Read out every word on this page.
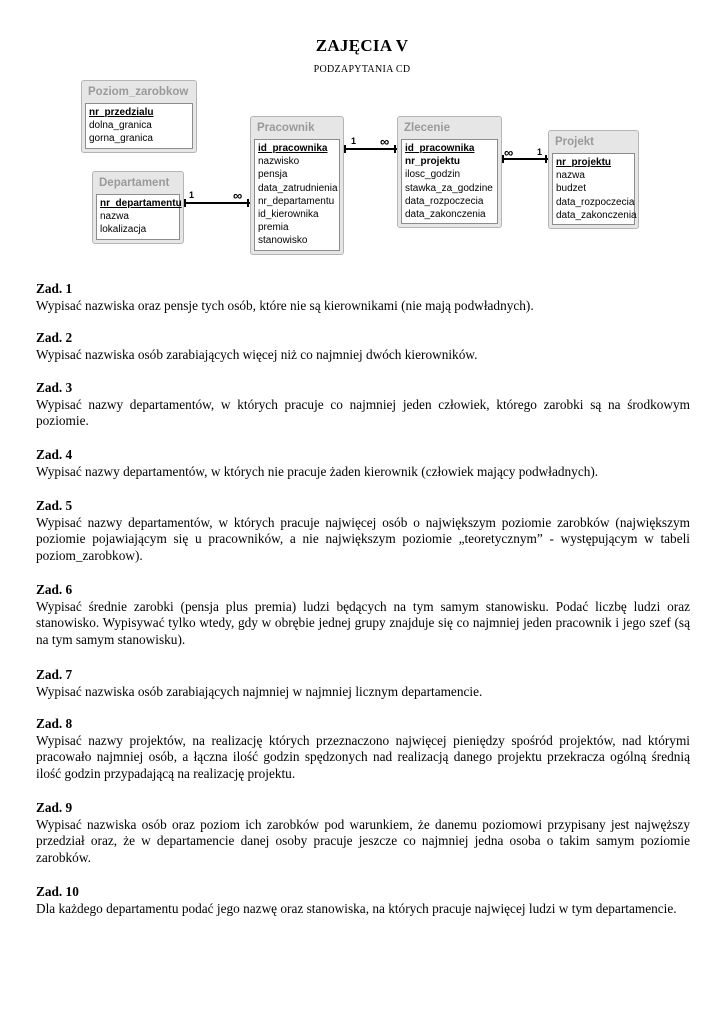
ZAJĘCIA V
PODZAPYTANIA CD
1	∞
1 ∞
∞	1
Poziom_zarobkow
nr_przedzialu
dolna_granica
gorna_granica
Departament
nr_departamentu
nazwa
lokalizacja
Pracownik
id_pracownika
nazwisko
pensja
data_zatrudnienia
nr_departamentu
id_kierownika
premia
stanowisko
Zlecenie
id_pracownika
nr_projektu
ilosc_godzin
stawka_za_godzine
data_rozpoczecia
data_zakonczenia
Projekt
nr_projektu
nazwa
budzet
data_rozpoczecia
data_zakonczenia
Zad. 1
Wypisać nazwiska oraz pensje tych osób, które nie są kierownikami (nie mają podwładnych).
Zad. 2
Wypisać nazwiska osób zarabiających więcej niż co najmniej dwóch kierowników.
Zad. 3
Wypisać nazwy departamentów, w których pracuje co najmniej jeden człowiek, którego zarobki są na środkowym poziomie.
Zad. 4
Wypisać nazwy departamentów, w których nie pracuje żaden kierownik (człowiek mający podwładnych).
Zad. 5
Wypisać nazwy departamentów, w których pracuje najwięcej osób o największym poziomie zarobków (największym poziomie pojawiającym się u pracowników, a nie największym poziomie „teoretycznym” - występującym w tabeli poziom_zarobkow).
Zad. 6
Wypisać średnie zarobki (pensja plus premia) ludzi będących na tym samym stanowisku. Podać liczbę ludzi oraz stanowisko. Wypisywać tylko wtedy, gdy w obrębie jednej grupy znajduje się co najmniej jeden pracownik i jego szef (są na tym samym stanowisku).
Zad. 7
Wypisać nazwiska osób zarabiających najmniej w najmniej licznym departamencie.
Zad. 8
Wypisać nazwy projektów, na realizację których przeznaczono najwięcej pieniędzy spośród projektów, nad którymi pracowało najmniej osób, a łączna ilość godzin spędzonych nad realizacją danego projektu przekracza ogólną średnią ilość godzin przypadającą na realizację projektu.
Zad. 9
Wypisać nazwiska osób oraz poziom ich zarobków pod warunkiem, że danemu poziomowi przypisany jest najwęższy przedział oraz, że w departamencie danej osoby pracuje jeszcze co najmniej jedna osoba o takim samym poziomie zarobków.
Zad. 10
Dla każdego departamentu podać jego nazwę oraz stanowiska, na których pracuje najwięcej ludzi w tym departamencie.
